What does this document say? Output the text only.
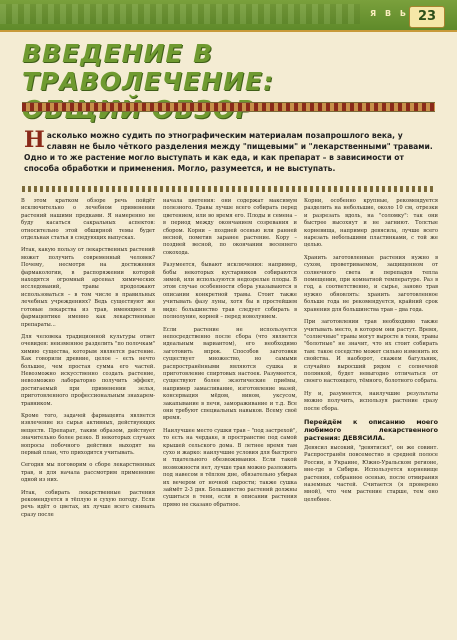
Я В Ь 23
ВВЕДЕНИЕ В ТРАВОЛЕЧЕНИЕ:
Н асколько можно судить по этнографическим материалам позапрошлого века, у славян не было чёткого разделения между "пищевыми" и "лекарственными" травами. Одно и то же растение могло выступать и как еда, и как препарат – в зависимости от способа обработки и применения. Могло, разумеется, и не выступать.

В этом кратком обзоре речь пойдёт исключительно о лечебном применении растений нашими предками. Я намеренно не буду касаться сакральных аспектов: относительно этой обширной темы будет отдельная статья в следующих выпусках.

Итак, какую пользу от лекарственных растений может получить современный человек? Почему, несмотря на достижения фармакологии, в распоряжении которой находятся огромный арсенал химических исследований, травы продолжают использоваться – в том числе в правильных лечебных учреждениях? Ведь существуют же готовые лекарства из трав, имеющиеся в фармацевтике именно как лекарственные препараты...

Для человека традиционной культуры ответ очевиден: неизменное разделить "по полочкам" химию существа, которым является растение. Как говорили древние, целое – есть нечто большее, чем простая сумма его частей. Невозможно искусственно создать растение, невозможно лабораторно получить эффект, достигаемый при применении зелья, приготовленного профессиональным знахарем-травником.

Кроме того, задачей фармацевта является извлечение из сырья активных, действующих веществ. Препарат, таким образом, действует значительно более резко. В некоторых случаях вопросы побочного действия выходят на первый план, что приходится учитывать.

Сегодня мы поговорим о сборе лекарственных трав, и для начала рассмотрим применение одной из них.

Итак, собирать лекарственные растения рекомендуется в тёплую и сухую погоду. Если речь идёт о цветах, их лучше всего снимать сразу после

начала цветения: они содержат максимум полезного. Травы лучше всего собирать перед цветением, или во время его. Плоды и семена – в период между окончанием созревания и сбором. Корни – поздней осенью или ранней весной, пометив заранее растение. Кору – поздней весной, по окончании весеннего сокохода.

Разумеется, бывают исключения: например, бобы некоторых кустарников собираются зимой, или используются недозрелые плоды. В этом случае особенности сбора указываются в описании конкретной травы. Стоит также учитывать фазу луны, хотя бы в простейшем виде: большинство трав следует собирать в полнолуние, корней – перед новолунием.

Если растение не используется непосредственно после сбора (что является идеальным вариантом), его необходимо заготовить впрок. Способов заготовки существует множество, но самыми распространёнными являются сушка и приготовление спиртовых настоек. Разумеется, существуют более экзотические приёмы, например замасливание, изготовление мазей, консервация мёдом, вином, уксусом, закапывание в печи, замораживание и т.д. Все они требуют специальных навыков. Всему своё время.

Наилучшее место сушки трав – "под застрехой", то есть на чердаке, в пространстве под самой крышей сельского дома. В летнее время там сухо и жарко: наилучшие условия для быстрого и тщательного обезвоживания. Если такой возможности нет, лучше трав можно разложить под навесом в тёплом дне, обязательно убирая их вечером от ночной сырости; также сушка займёт 2-3 дня. Большинство растений должны сушиться в тени, если в описании растения прямо не сказано обратное.

Корни, особенно крупные, рекомендуется разделить на небольшие, около 10 см, отрезки и разрезать вдоль, на "соломку": так они быстрее высохнут и не загниют. Толстые корневища, например девясила, лучше всего нарезать небольшими пластинками, с той же целью.

Хранить заготовленные растения нужно в сухом, проветриваемом, защищенном от солнечного света и перепадов тепла помещении, при комнатной температуре. Раз в год, а соответственно, и сырье, заново трав нужно обновлять: хранить заготовленное больше года не рекомендуется, крайний срок хранения для большинства трав – два года.

При заготовлении трав необходимо также учитывать место, в котором они растут. Время, "солнечные" травы могут выросте в тени, травы "болотные" не значит, что их стоит собирать там: такое соседство может сильно изменить их свойства. И наоборот, скажем багульник, случайно выросший рядом с солнечной полянкой, будет невыгодно отличаться от своего настоящего, тёмного, болотного собрата.

Ну и, разумеется, наилучшие результаты можно получить, используя растение сразу после сбора.

Перейдём к описанию моего любимого лекарственного растения: ДЕВЯСИЛА.

Девясил высокий, "девятисил", он же совинт. Распространён повсеместно в средней полосе России, в Украине, Южно-Уральском регионе, вне-где в Сибири. Используется корневище растения, собранное осенью, после отмирания наземных частей. Считается (я проверено мной), что чем растение старше, тем оно целебнее.
